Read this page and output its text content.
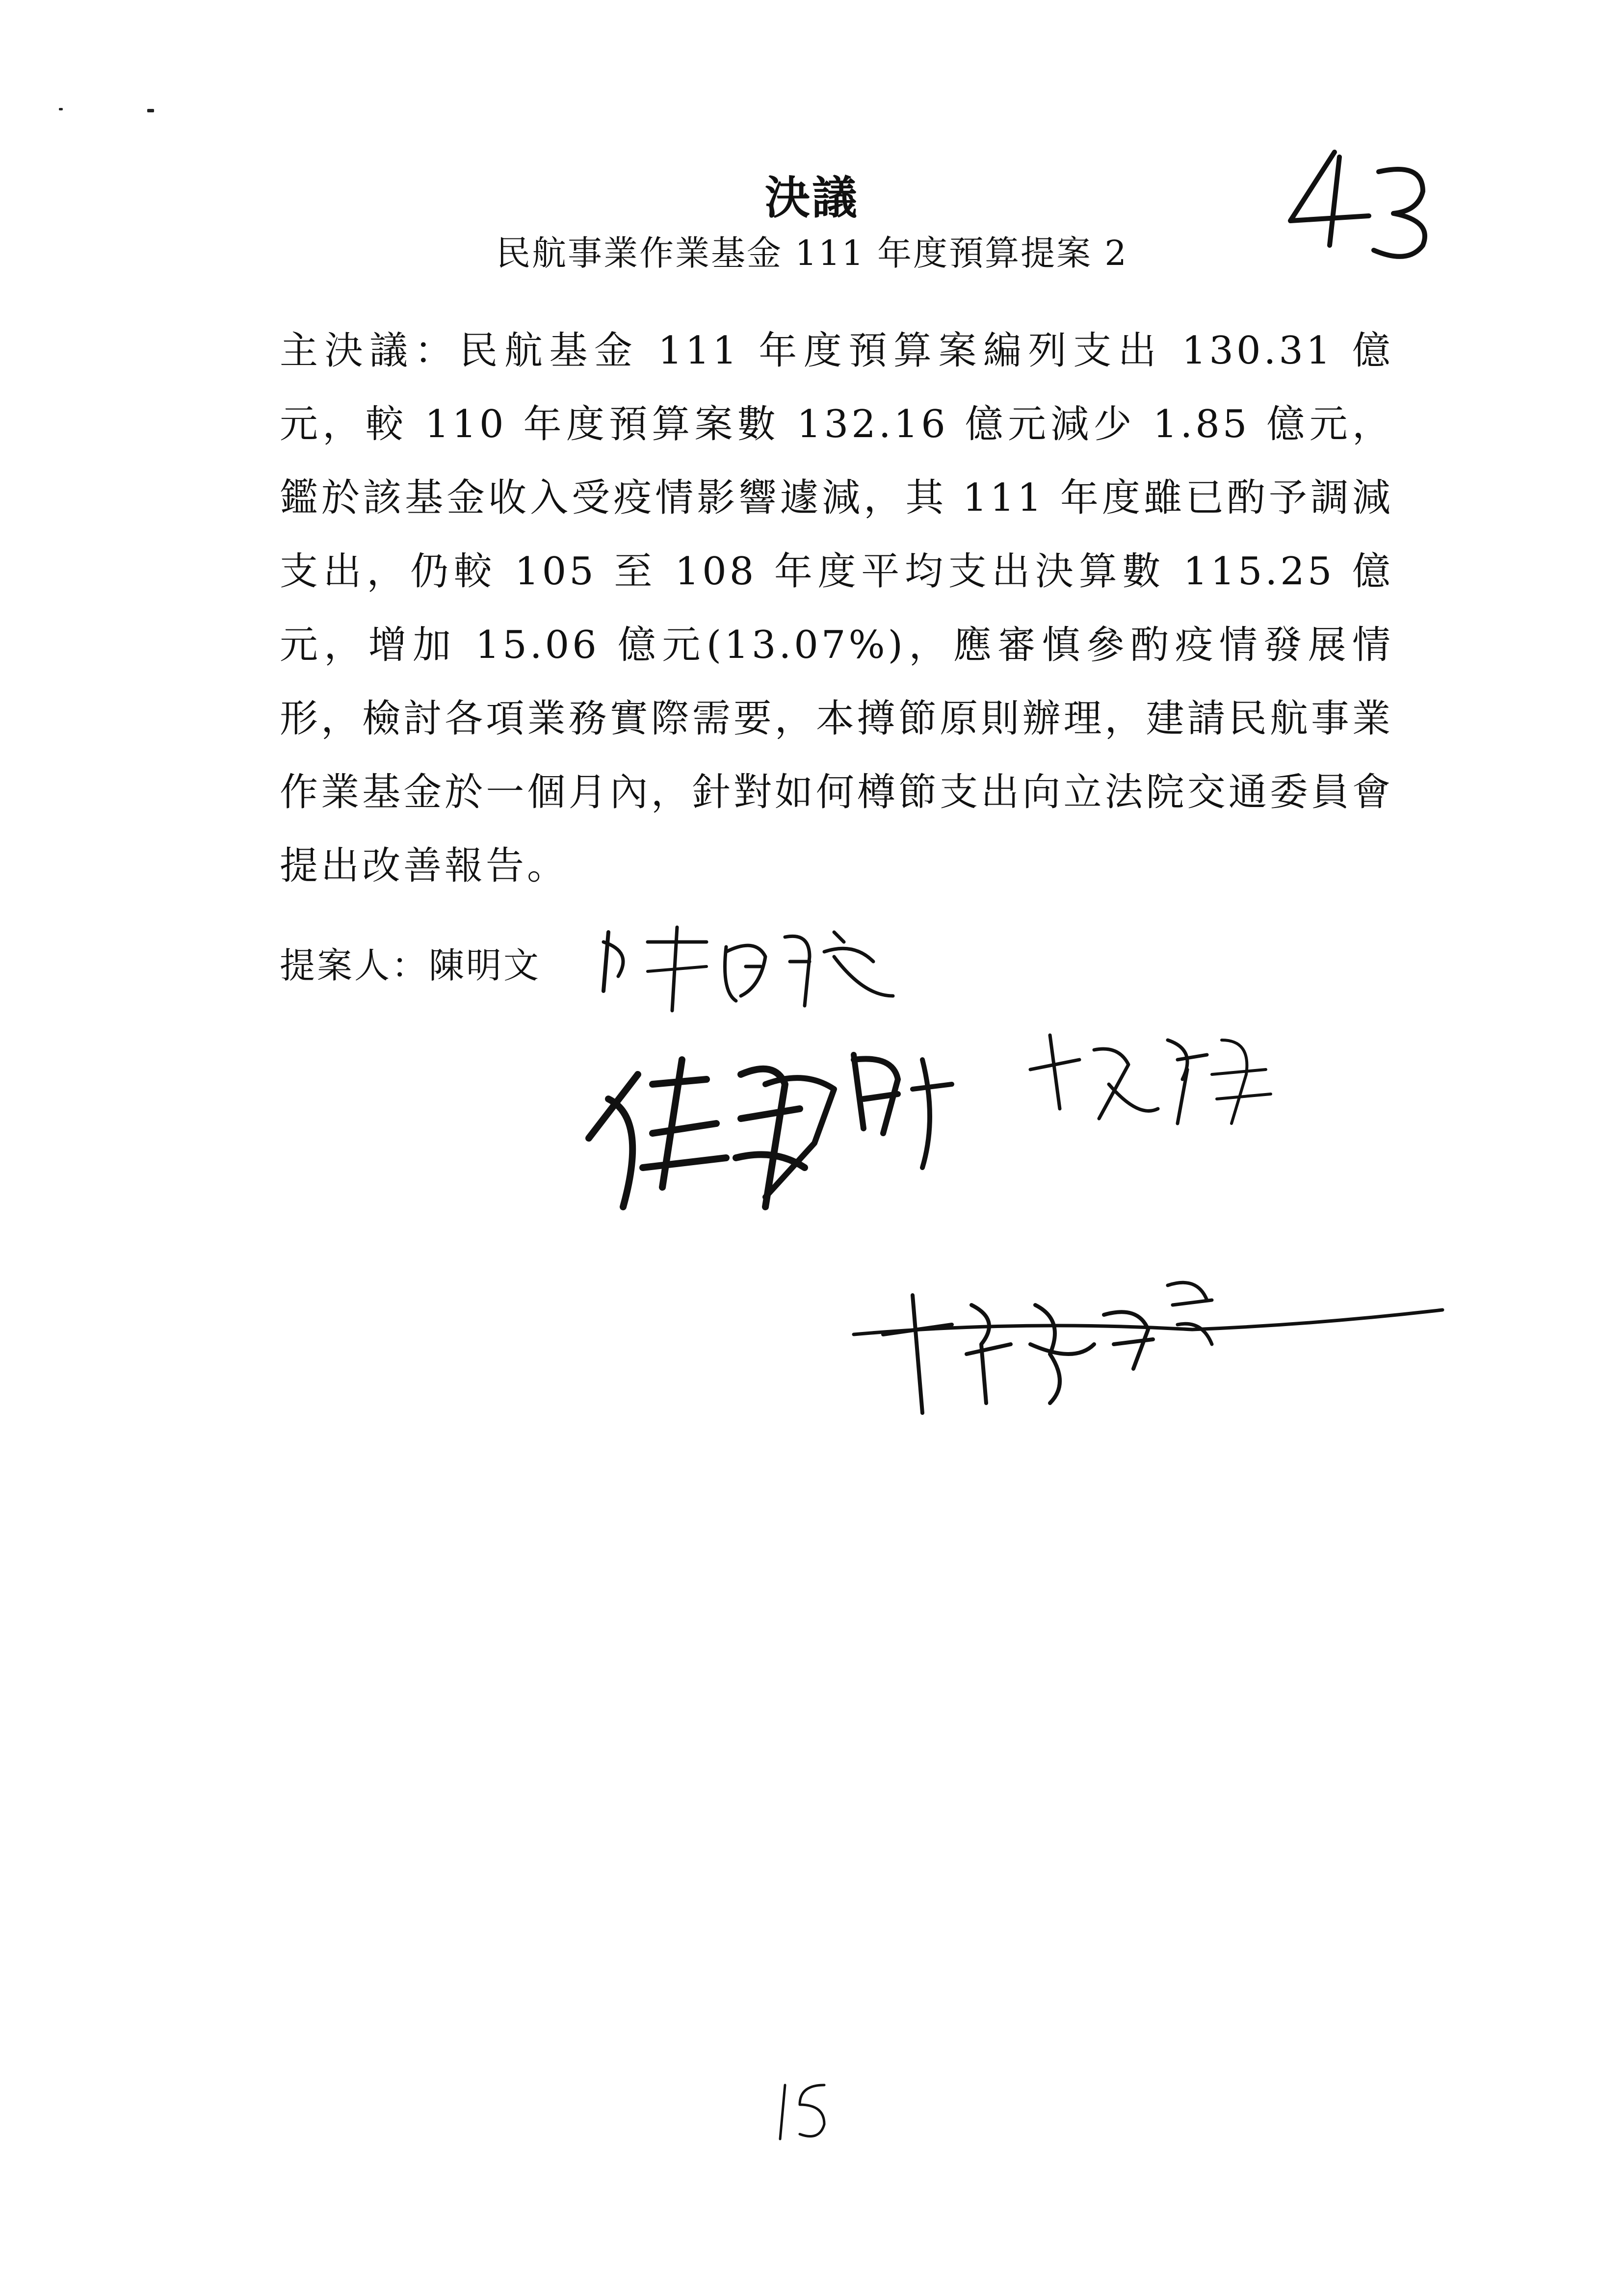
決議
民航事業作業基金 111 年度預算提案 2
主決議：民航基金 111 年度預算案編列支出 130.31 億元，較 110 年度預算案數 132.16 億元減少 1.85 億元，鑑於該基金收入受疫情影響遽減，其 111 年度雖已酌予調減支出，仍較 105 至 108 年度平均支出決算數 115.25 億元，增加 15.06 億元(13.07%)，應審慎參酌疫情發展情形，檢討各項業務實際需要，本撙節原則辦理，建請民航事業作業基金於一個月內，針對如何樽節支出向立法院交通委員會提出改善報告。
提案人：陳明文
